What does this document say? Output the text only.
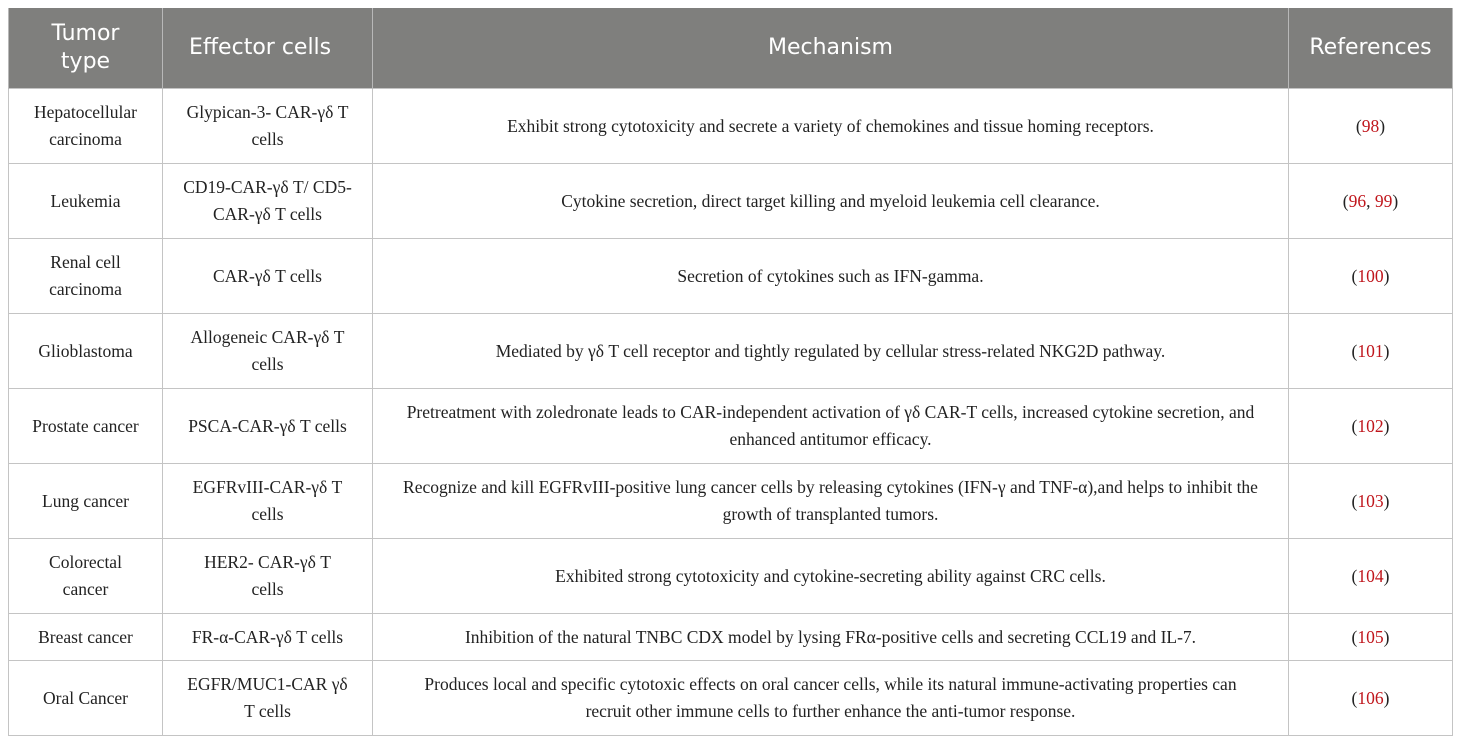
Tumor type	Effector cells	Mechanism	References
Hepatocellular carcinoma	Glypican-3- CAR-γδ T cells	Exhibit strong cytotoxicity and secrete a variety of chemokines and tissue homing receptors.	(98)
Leukemia	CD19-CAR-γδ T/ CD5-CAR-γδ T cells	Cytokine secretion, direct target killing and myeloid leukemia cell clearance.	(96, 99)
Renal cell carcinoma	CAR-γδ T cells	Secretion of cytokines such as IFN-gamma.	(100)
Glioblastoma	Allogeneic CAR-γδ T cells	Mediated by γδ T cell receptor and tightly regulated by cellular stress-related NKG2D pathway.	(101)
Prostate cancer	PSCA-CAR-γδ T cells	Pretreatment with zoledronate leads to CAR-independent activation of γδ CAR-T cells, increased cytokine secretion, and enhanced antitumor efficacy.	(102)
Lung cancer	EGFRvIII-CAR-γδ T cells	Recognize and kill EGFRvIII-positive lung cancer cells by releasing cytokines (IFN-γ and TNF-α),and helps to inhibit the growth of transplanted tumors.	(103)
Colorectal cancer	HER2- CAR-γδ T cells	Exhibited strong cytotoxicity and cytokine-secreting ability against CRC cells.	(104)
Breast cancer	FR-α-CAR-γδ T cells	Inhibition of the natural TNBC CDX model by lysing FRα-positive cells and secreting CCL19 and IL-7.	(105)
Oral Cancer	EGFR/MUC1-CAR γδ T cells	Produces local and specific cytotoxic effects on oral cancer cells, while its natural immune-activating properties can recruit other immune cells to further enhance the anti-tumor response.	(106)
